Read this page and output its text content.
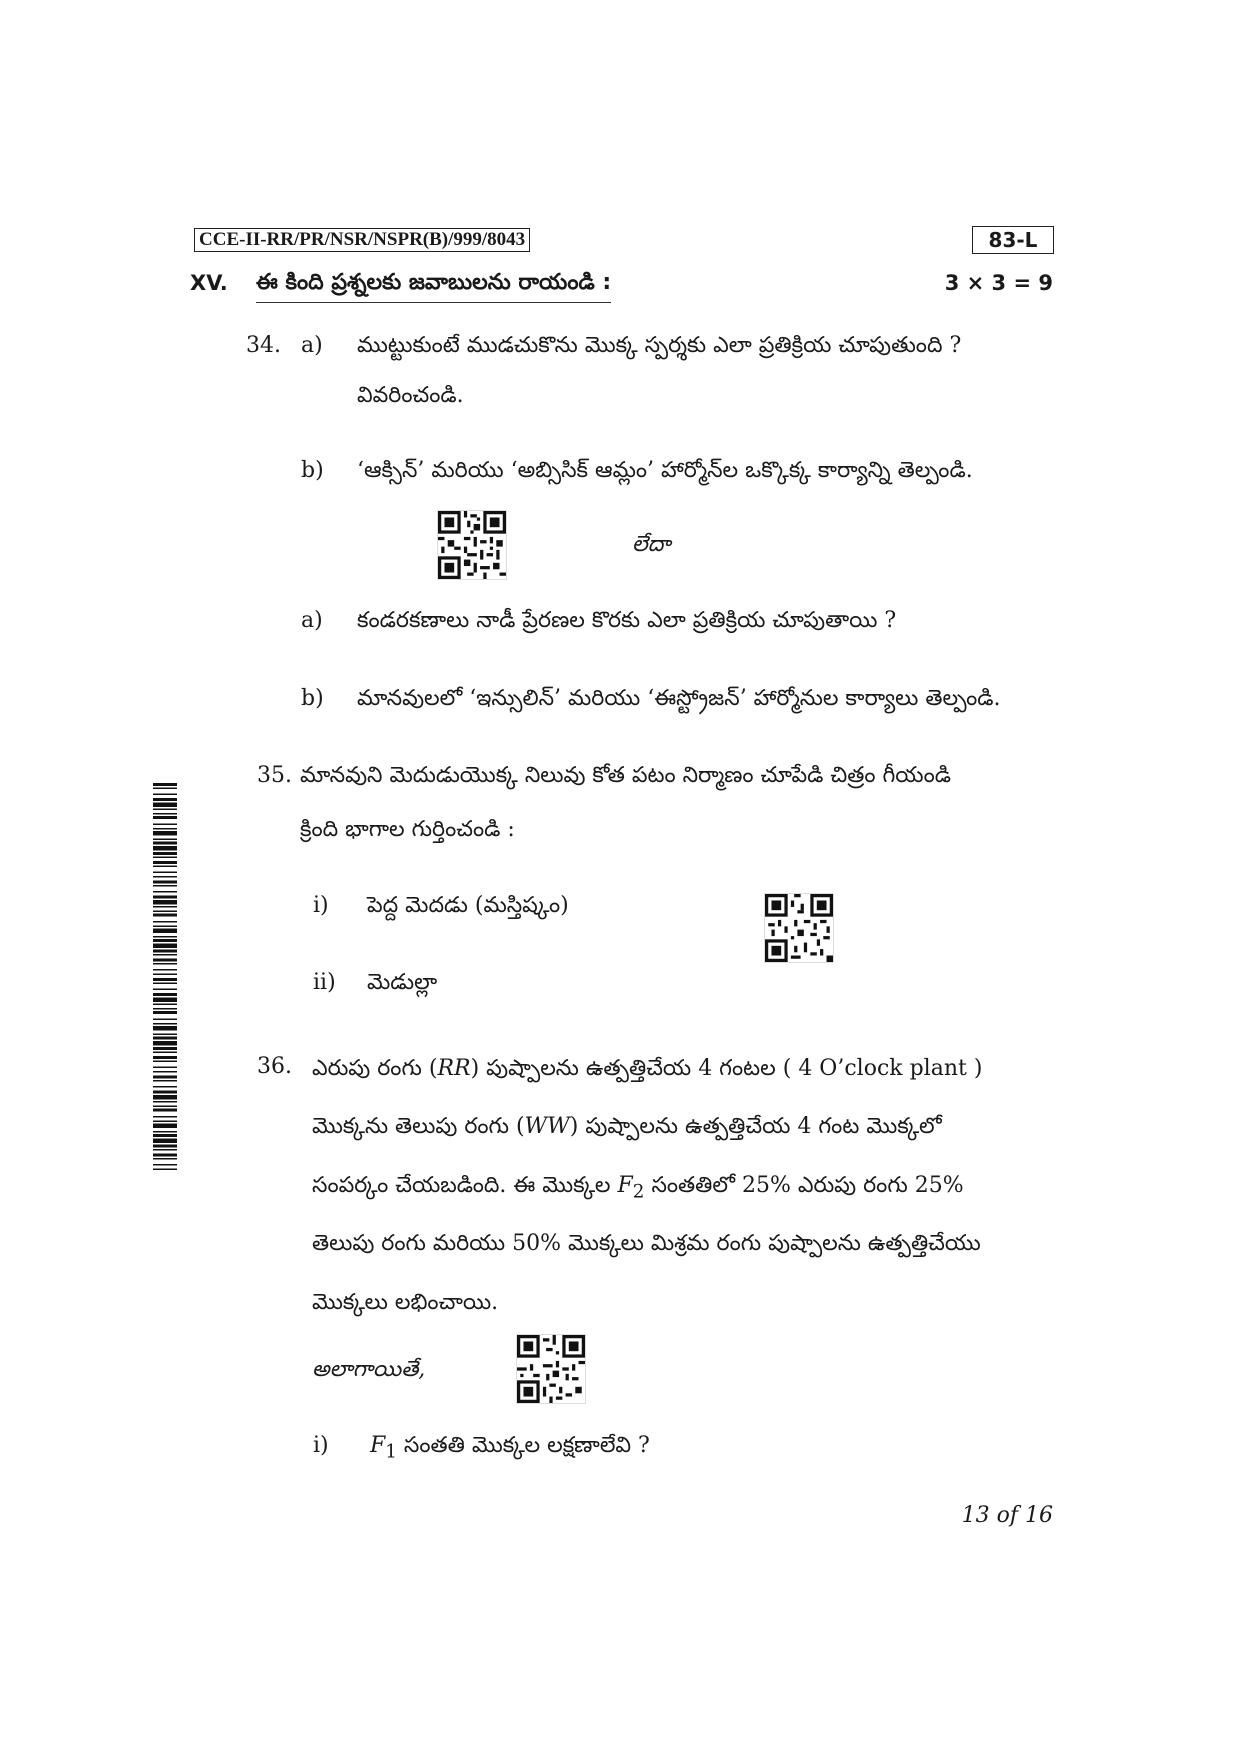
CCE-II-RR/PR/NSR/NSPR(B)/999/8043	83-L
XV. ఈ కింది ప్రశ్నలకు జవాబులను రాయండి :	3 × 3 = 9
34. a) ముట్టుకుంటే ముడచుకొను మొక్క స్పర్శకు ఎలా ప్రతిక్రియ చూపుతుంది ?
వివరించండి.
b) ‘ఆక్సిన్’ మరియు ‘అబ్సిసిక్ ఆమ్లం’ హార్మోన్‌ల ఒక్కొక్క కార్యాన్ని తెల్పండి.
లేదా
a) కండరకణాలు నాడీ ప్రేరణల కొరకు ఎలా ప్రతిక్రియ చూపుతాయి ?
b) మానవులలో ‘ఇన్సులిన్’ మరియు ‘ఈస్ట్రోజన్’ హార్మోనుల కార్యాలు తెల్పండి.
35. మానవుని మెదుడుయొక్క నిలువు కోత పటం నిర్మాణం చూపేడి చిత్రం గీయండి
క్రింది భాగాల గుర్తించండి :
i) పెద్ద మెదడు (మస్తిష్కం)
ii) మెడుల్లా
36. ఎరుపు రంగు (RR) పుష్పాలను ఉత్పత్తిచేయ 4 గంటల ( 4 O’clock plant )
మొక్కను తెలుపు రంగు (WW) పుష్పాలను ఉత్పత్తిచేయ 4 గంట మొక్కలో
సంపర్కం చేయబడింది. ఈ మొక్కల $F_2$ సంతతిలో 25% ఎరుపు రంగు 25%
తెలుపు రంగు మరియు 50% మొక్కలు మిశ్రమ రంగు పుష్పాలను ఉత్పత్తిచేయు
మొక్కలు లభించాయి.
అలాగాయితే,
i) $F_1$ సంతతి మొక్కల లక్షణాలేవి ?
13 of 16
